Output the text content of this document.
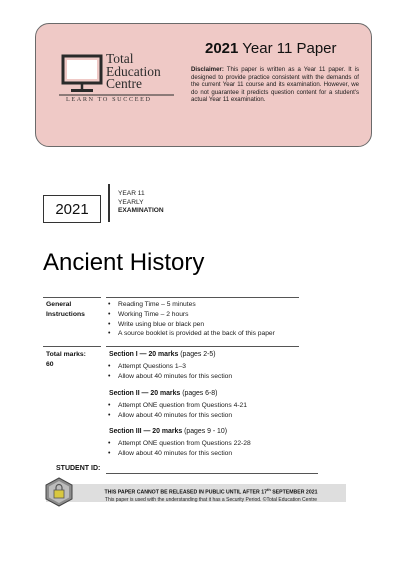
Total
Education
Centre
LEARN TO SUCCEED
2021 Year 11 Paper
Disclaimer: This paper is written as a Year 11 paper. It is designed to provide practice consistent with the demands of the current Year 11 course and its examination. However, we do not guarantee it predicts question content for a student's actual Year 11 examination.
2021
YEAR 11
YEARLY
EXAMINATION
Ancient History
General
Instructions
• Reading Time – 5 minutes
• Working Time – 2 hours
• Write using blue or black pen
• A source booklet is provided at the back of this paper
Total marks:
60
Section I — 20 marks (pages 2-5)
• Attempt Questions 1–3
• Allow about 40 minutes for this section
Section II — 20 marks (pages 6-8)
• Attempt ONE question from Questions 4-21
• Allow about 40 minutes for this section
Section III — 20 marks (pages 9 - 10)
• Attempt ONE question from Questions 22-28
• Allow about 40 minutes for this section
STUDENT ID:
THIS PAPER CANNOT BE RELEASED IN PUBLIC UNTIL AFTER 17th SEPTEMBER 2021
This paper is used with the understanding that it has a Security Period. ©Total Education Centre
